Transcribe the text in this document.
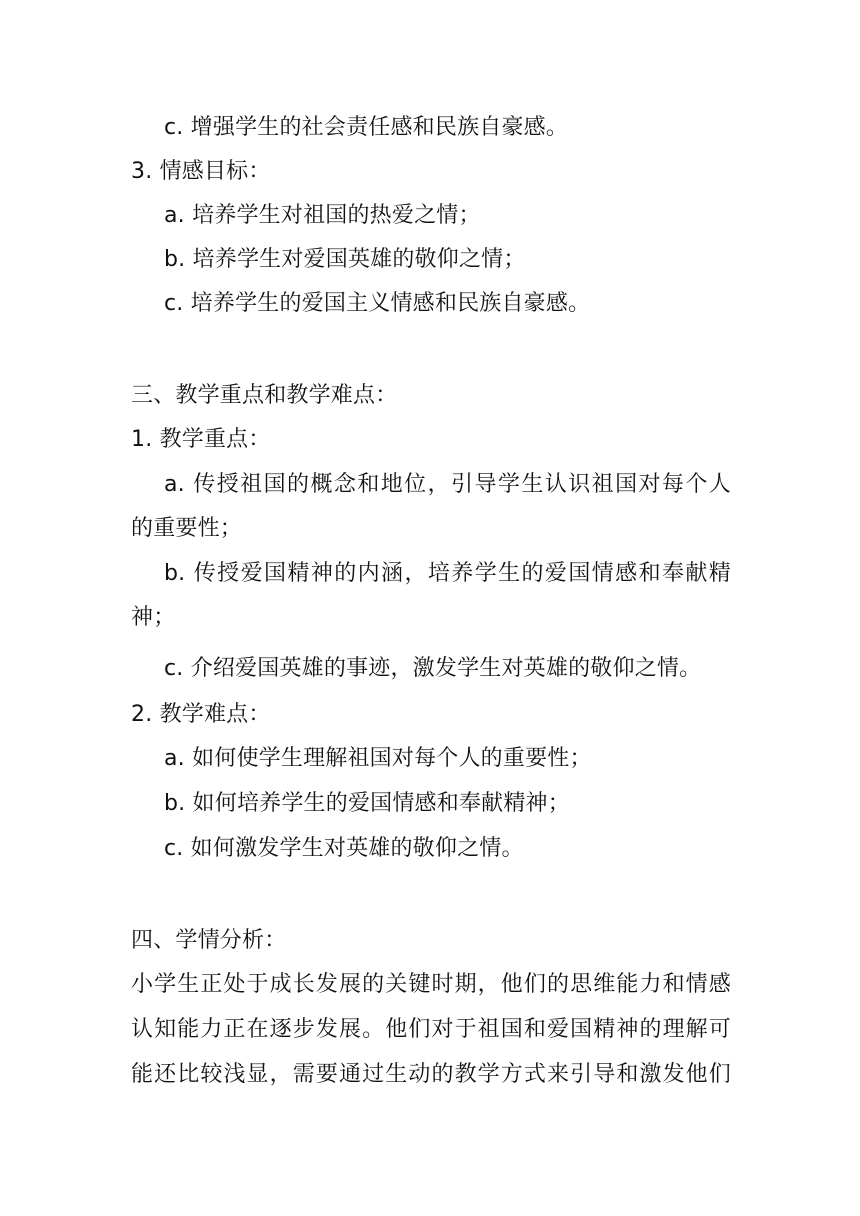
c. 增强学生的社会责任感和民族自豪感。
3. 情感目标：
a. 培养学生对祖国的热爱之情；
b. 培养学生对爱国英雄的敬仰之情；
c. 培养学生的爱国主义情感和民族自豪感。
三、教学重点和教学难点：
1. 教学重点：
a. 传授祖国的概念和地位，引导学生认识祖国对每个人
的重要性；
b. 传授爱国精神的内涵，培养学生的爱国情感和奉献精
神；
c. 介绍爱国英雄的事迹，激发学生对英雄的敬仰之情。
2. 教学难点：
a. 如何使学生理解祖国对每个人的重要性；
b. 如何培养学生的爱国情感和奉献精神；
c. 如何激发学生对英雄的敬仰之情。
四、学情分析：
小学生正处于成长发展的关键时期，他们的思维能力和情感
认知能力正在逐步发展。他们对于祖国和爱国精神的理解可
能还比较浅显，需要通过生动的教学方式来引导和激发他们
